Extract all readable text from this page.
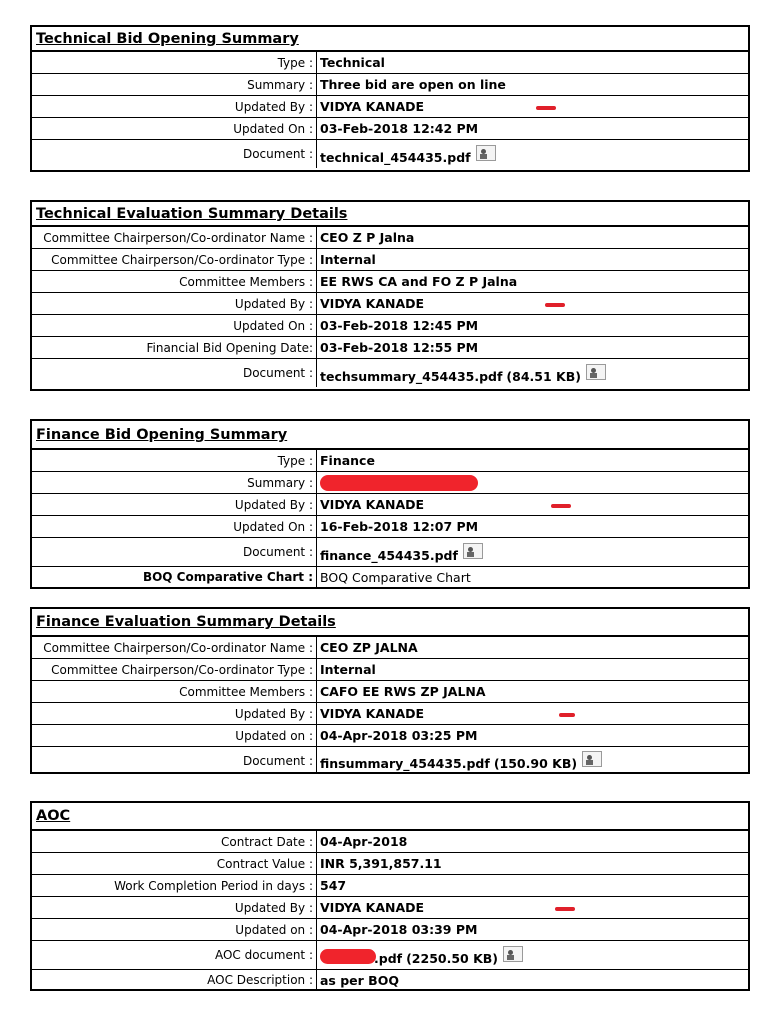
Technical Bid Opening Summary
Type : Technical
Summary : Three bid are open on line
Updated By : VIDYA KANADE
Updated On : 03-Feb-2018 12:42 PM
Document : technical_454435.pdf
Technical Evaluation Summary Details
Committee Chairperson/Co-ordinator Name : CEO Z P Jalna
Committee Chairperson/Co-ordinator Type : Internal
Committee Members : EE RWS CA and FO Z P Jalna
Updated By : VIDYA KANADE
Updated On : 03-Feb-2018 12:45 PM
Financial Bid Opening Date: 03-Feb-2018 12:55 PM
Document : techsummary_454435.pdf (84.51 KB)
Finance Bid Opening Summary
Type : Finance
Summary :
Updated By : VIDYA KANADE
Updated On : 16-Feb-2018 12:07 PM
Document : finance_454435.pdf
BOQ Comparative Chart : BOQ Comparative Chart
Finance Evaluation Summary Details
Committee Chairperson/Co-ordinator Name : CEO ZP JALNA
Committee Chairperson/Co-ordinator Type : Internal
Committee Members : CAFO EE RWS ZP JALNA
Updated By : VIDYA KANADE
Updated on : 04-Apr-2018 03:25 PM
Document : finsummary_454435.pdf (150.90 KB)
AOC
Contract Date : 04-Apr-2018
Contract Value : INR 5,391,857.11
Work Completion Period in days : 547
Updated By : VIDYA KANADE
Updated on : 04-Apr-2018 03:39 PM
AOC document :	.pdf (2250.50 KB)
AOC Description : as per BOQ
